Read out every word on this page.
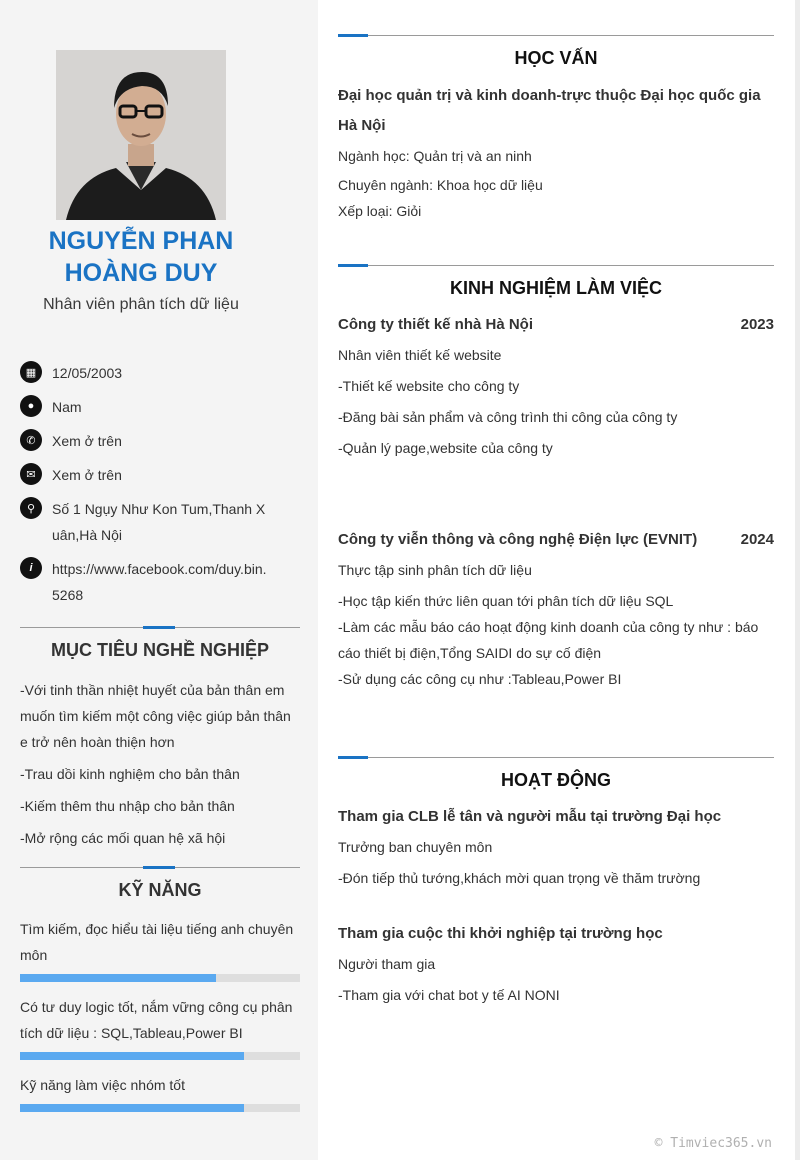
NGUYỄN PHAN
HOÀNG DUY
Nhân viên phân tích dữ liệu
▦	12/05/2003
●	Nam
✆	Xem ở trên
✉	Xem ở trên
⚲	Số 1 Ngụy Như Kon Tum,Thanh Xuân,Hà Nội
i	https://www.facebook.com/duy.bin.5268
MỤC TIÊU NGHỀ NGHIỆP

-Với tinh thần nhiệt huyết của bản thân em muốn tìm kiếm một công việc giúp bản thân e trở nên hoàn thiện hơn

-Trau dồi kinh nghiệm cho bản thân

-Kiếm thêm thu nhập cho bản thân

-Mở rộng các mối quan hệ xã hội

KỸ NĂNG
Tìm kiếm, đọc hiểu tài liệu tiếng anh chuyên môn
Có tư duy logic tốt, nắm vững công cụ phân tích dữ liệu : SQL,Tableau,Power BI
Kỹ năng làm việc nhóm tốt
HỌC VẤN
Đại học quản trị và kinh doanh-trực thuộc Đại học quốc gia Hà Nội
Ngành học: Quản trị và an ninh
Chuyên ngành: Khoa học dữ liệu
Xếp loại: Giỏi
KINH NGHIỆM LÀM VIỆC
Công ty thiết kế nhà Hà Nội	2023
Nhân viên thiết kế website
-Thiết kế website cho công ty
-Đăng bài sản phẩm và công trình thi công của công ty
-Quản lý page,website của công ty
Công ty viễn thông và công nghệ Điện lực (EVNIT)	2024
Thực tập sinh phân tích dữ liệu
-Học tập kiến thức liên quan tới phân tích dữ liệu SQL
-Làm các mẫu báo cáo hoạt động kinh doanh của công ty như : báo cáo thiết bị điện,Tổng SAIDI do sự cố điện
-Sử dụng các công cụ như :Tableau,Power BI
HOẠT ĐỘNG
Tham gia CLB lễ tân và người mẫu tại trường Đại học
Trưởng ban chuyên môn
-Đón tiếp thủ tướng,khách mời quan trọng về thăm trường
Tham gia cuộc thi khởi nghiệp tại trường học
Người tham gia
-Tham gia với chat bot y tế AI NONI
© Timviec365.vn
